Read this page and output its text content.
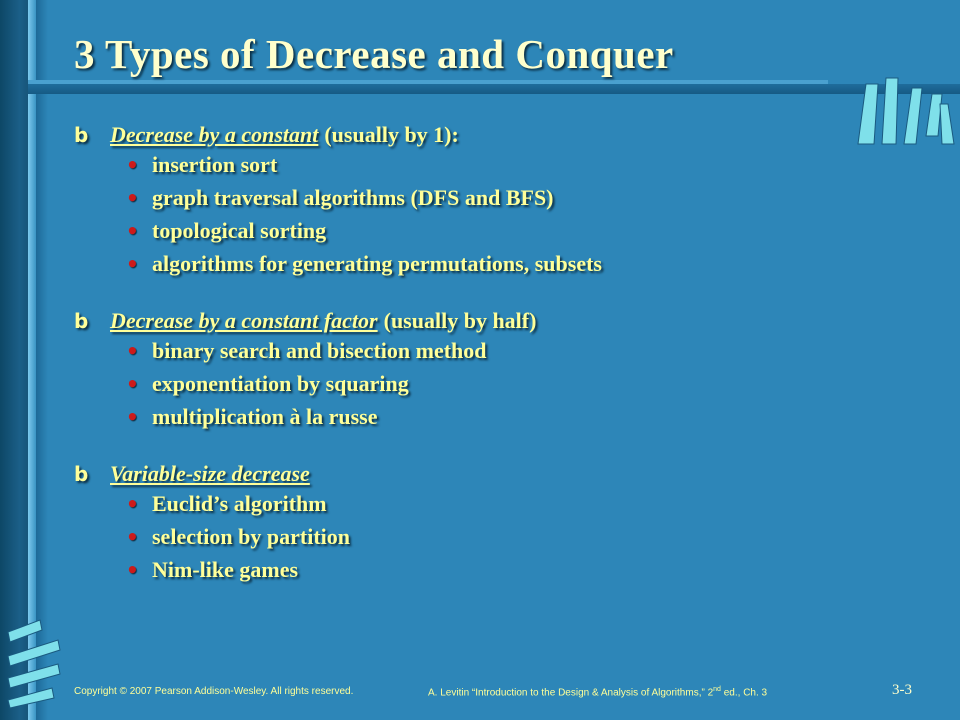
3 Types of Decrease and Conquer
b Decrease by a constant (usually by 1):
• insertion sort
• graph traversal algorithms (DFS and BFS)
• topological sorting
• algorithms for generating permutations, subsets
b Decrease by a constant factor (usually by half)
• binary search and bisection method
• exponentiation by squaring
• multiplication à la russe
b Variable-size decrease
• Euclid’s algorithm
• selection by partition
• Nim-like games
Copyright © 2007 Pearson Addison-Wesley. All rights reserved.	A. Levitin “Introduction to the Design & Analysis of Algorithms,” 2nd ed., Ch. 3	3-3
